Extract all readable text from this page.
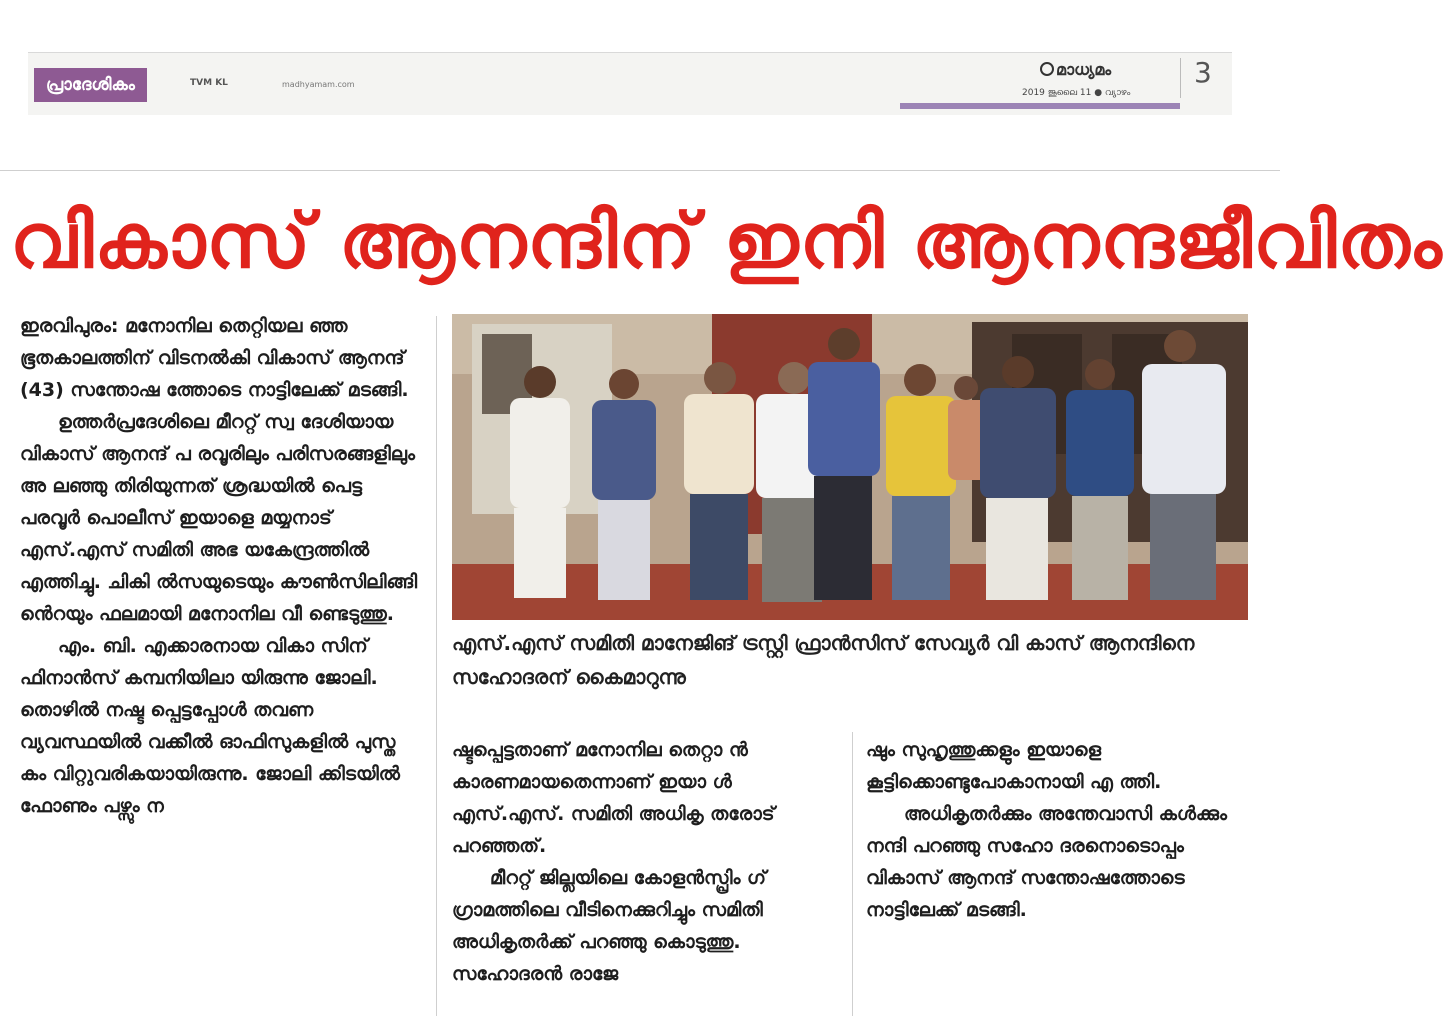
പ്രാദേശികം	TVM KL	madhyamam.com
മാധ്യമം
2019 ജൂലൈ 11 ● വ്യാഴം
3
വികാസ് ആനന്ദിന് ഇനി ആനന്ദജീവിതം

ഇരവിപുരം: മനോനില തെറ്റിയല ഞ്ഞ ഭൂതകാലത്തിന് വിടനൽകി വികാസ് ആനന്ദ് (43) സന്തോഷ ത്തോടെ നാട്ടിലേക്ക് മടങ്ങി.

ഉത്തർപ്രദേശിലെ മീററ്റ് സ്വ ദേശിയായ വികാസ് ആനന്ദ് പ രവൂരിലും പരിസരങ്ങളിലും അ ലഞ്ഞു തിരിയുന്നത് ശ്രദ്ധയിൽ പെട്ട പരവൂർ പൊലീസ് ഇയാളെ മയ്യനാട് എസ്.എസ് സമിതി അഭ യകേന്ദ്രത്തിൽ എത്തിച്ചു. ചികി ൽസയുടെയും കൗൺസിലിങ്ങി ൻെറയും ഫലമായി മനോനില വീ ണ്ടെടുത്തു.

എം. ബി. എക്കാരനായ വികാ സിന് ഫിനാൻസ് കമ്പനിയിലാ യിരുന്നു ജോലി. തൊഴിൽ നഷ്ട പ്പെട്ടപ്പോൾ തവണ വ്യവസ്ഥയിൽ വക്കീൽ ഓഫിസുകളിൽ പുസ്ത കം വിറ്റുവരികയായിരുന്നു. ജോലി ക്കിടയിൽ ഫോണും പഴ്സും ന

എസ്.എസ് സമിതി മാനേജിങ് ട്രസ്റ്റി ഫ്രാൻസിസ് സേവ്യർ വി കാസ് ആനന്ദിനെ സഹോദരന് കൈമാറുന്നു

ഷ്ടപ്പെട്ടതാണ് മനോനില തെറ്റാ ൻ കാരണമായതെന്നാണ് ഇയാ ൾ എസ്.എസ്. സമിതി അധികൃ തരോട് പറഞ്ഞത്.

മീററ്റ് ജില്ലയിലെ കോളൻസ്പ്രിം ഗ് ഗ്രാമത്തിലെ വീടിനെക്കുറിച്ചും സമിതി അധികൃതർക്ക് പറഞ്ഞു കൊടുത്തു. സഹോദരൻ രാജേ

ഷും സുഹൃത്തുക്കളും ഇയാളെ കൂട്ടിക്കൊണ്ടുപോകാനായി എ ത്തി.

അധികൃതർക്കും അന്തേവാസി കൾക്കും നന്ദി പറഞ്ഞു സഹോ ദരനൊടൊപ്പം വികാസ് ആനന്ദ് സന്തോഷത്തോടെ നാട്ടിലേക്ക് മടങ്ങി.
